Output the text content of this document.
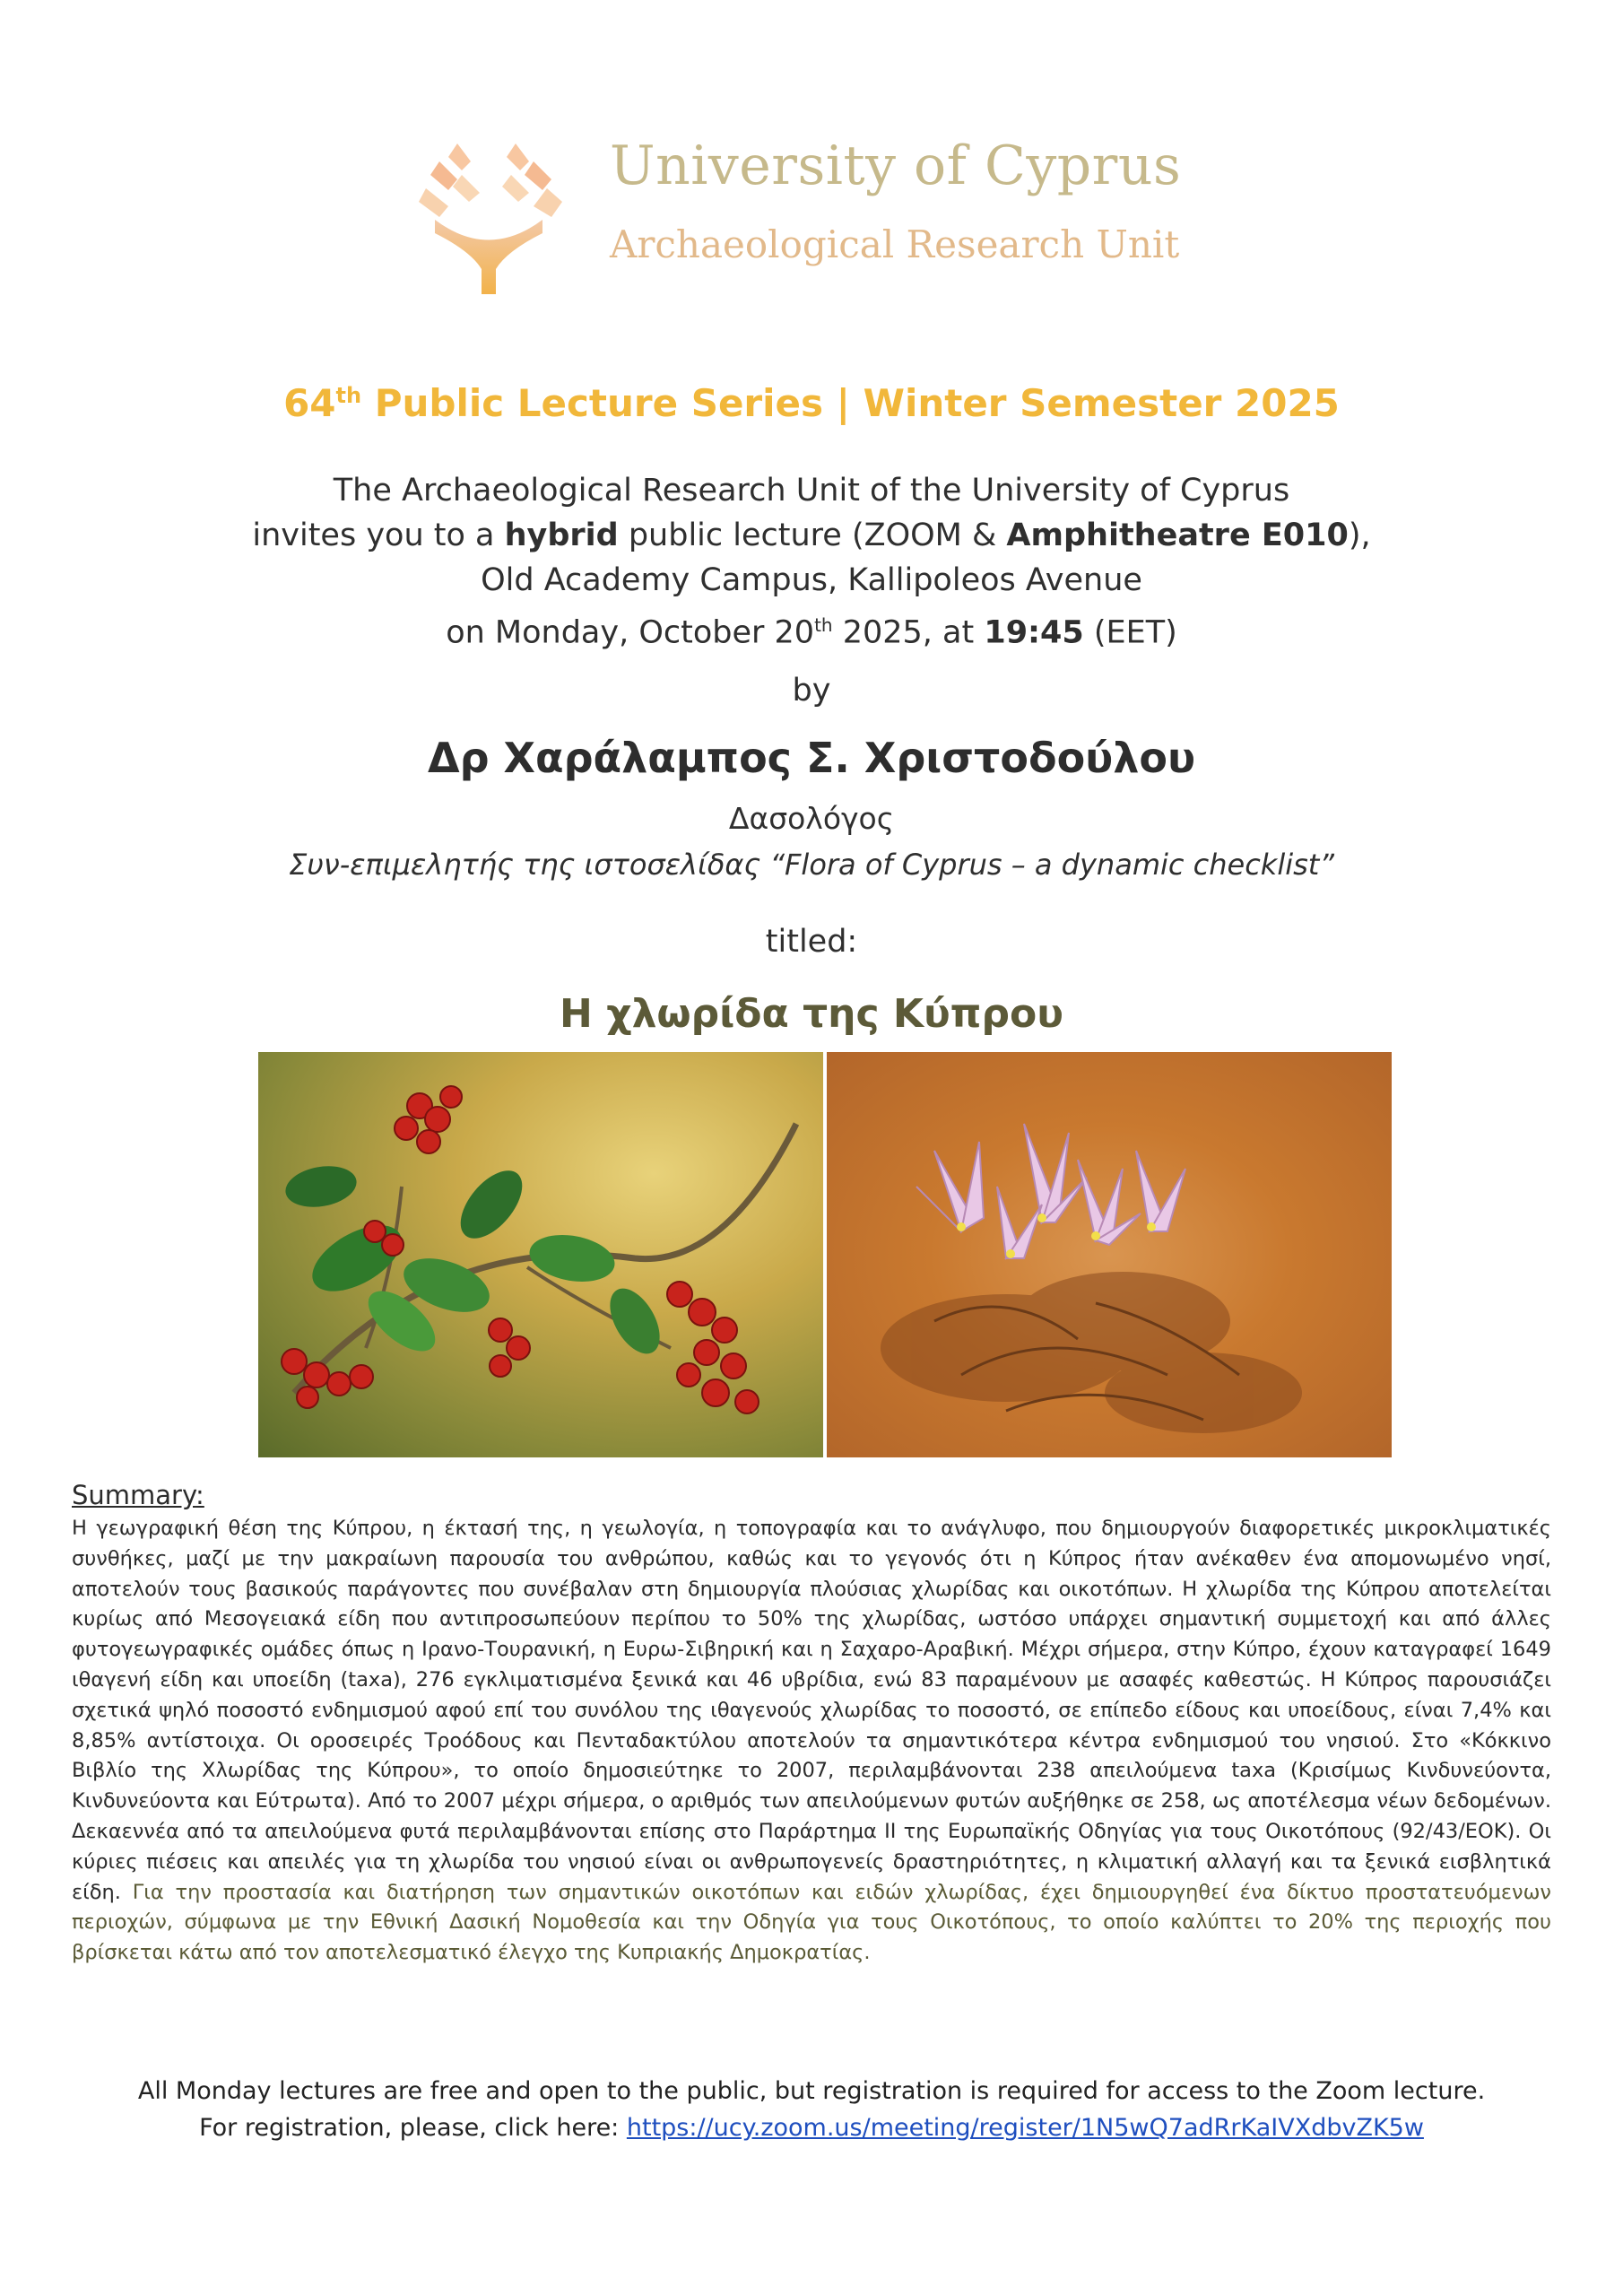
University of Cyprus
Archaeological Research Unit
64th Public Lecture Series | Winter Semester 2025
The Archaeological Research Unit of the University of Cyprus
invites you to a hybrid public lecture (ZOOM & Amphitheatre E010),
Old Academy Campus, Kallipoleos Avenue
on Monday, October 20th 2025, at 19:45 (EET)
by
Δρ Χαράλαμπος Σ. Χριστοδούλου
Δασολόγος
Συν-επιμελητής της ιστοσελίδας “Flora of Cyprus – a dynamic checklist”
titled:
Η χλωρίδα της Κύπρου
Summary:
Η γεωγραφική θέση της Κύπρου, η έκτασή της, η γεωλογία, η τοπογραφία και το ανάγλυφο, που δημιουργούν διαφορετικές μικροκλιματικές συνθήκες, μαζί με την μακραίωνη παρουσία του ανθρώπου, καθώς και το γεγονός ότι η Κύπρος ήταν ανέκαθεν ένα απομονωμένο νησί, αποτελούν τους βασικούς παράγοντες που συνέβαλαν στη δημιουργία πλούσιας χλωρίδας και οικοτόπων. Η χλωρίδα της Κύπρου αποτελείται κυρίως από Μεσογειακά είδη που αντιπροσωπεύουν περίπου το 50% της χλωρίδας, ωστόσο υπάρχει σημαντική συμμετοχή και από άλλες φυτογεωγραφικές ομάδες όπως η Ιρανο-Τουρανική, η Ευρω-Σιβηρική και η Σαχαρο-Αραβική. Μέχρι σήμερα, στην Κύπρο, έχουν καταγραφεί 1649 ιθαγενή είδη και υποείδη (taxa), 276 εγκλιματισμένα ξενικά και 46 υβρίδια, ενώ 83 παραμένουν με ασαφές καθεστώς. Η Κύπρος παρουσιάζει σχετικά ψηλό ποσοστό ενδημισμού αφού επί του συνόλου της ιθαγενούς χλωρίδας το ποσοστό, σε επίπεδο είδους και υποείδους, είναι 7,4% και 8,85% αντίστοιχα. Οι οροσειρές Τροόδους και Πενταδακτύλου αποτελούν τα σημαντικότερα κέντρα ενδημισμού του νησιού. Στο «Κόκκινο Βιβλίο της Χλωρίδας της Κύπρου», το οποίο δημοσιεύτηκε το 2007, περιλαμβάνονται 238 απειλούμενα taxa (Κρισίμως Κινδυνεύοντα, Κινδυνεύοντα και Εύτρωτα). Από το 2007 μέχρι σήμερα, ο αριθμός των απειλούμενων φυτών αυξήθηκε σε 258, ως αποτέλεσμα νέων δεδομένων. Δεκαεννέα από τα απειλούμενα φυτά περιλαμβάνονται επίσης στο Παράρτημα II της Ευρωπαϊκής Οδηγίας για τους Οικοτόπους (92/43/ΕΟΚ). Οι κύριες πιέσεις και απειλές για τη χλωρίδα του νησιού είναι οι ανθρωπογενείς δραστηριότητες, η κλιματική αλλαγή και τα ξενικά εισβλητικά είδη. Για την προστασία και διατήρηση των σημαντικών οικοτόπων και ειδών χλωρίδας, έχει δημιουργηθεί ένα δίκτυο προστατευόμενων περιοχών, σύμφωνα με την Εθνική Δασική Νομοθεσία και την Οδηγία για τους Οικοτόπους, το οποίο καλύπτει το 20% της περιοχής που βρίσκεται κάτω από τον αποτελεσματικό έλεγχο της Κυπριακής Δημοκρατίας.
All Monday lectures are free and open to the public, but registration is required for access to the Zoom lecture.
For registration, please, click here: https://ucy.zoom.us/meeting/register/1N5wQ7adRrKaIVXdbvZK5w
